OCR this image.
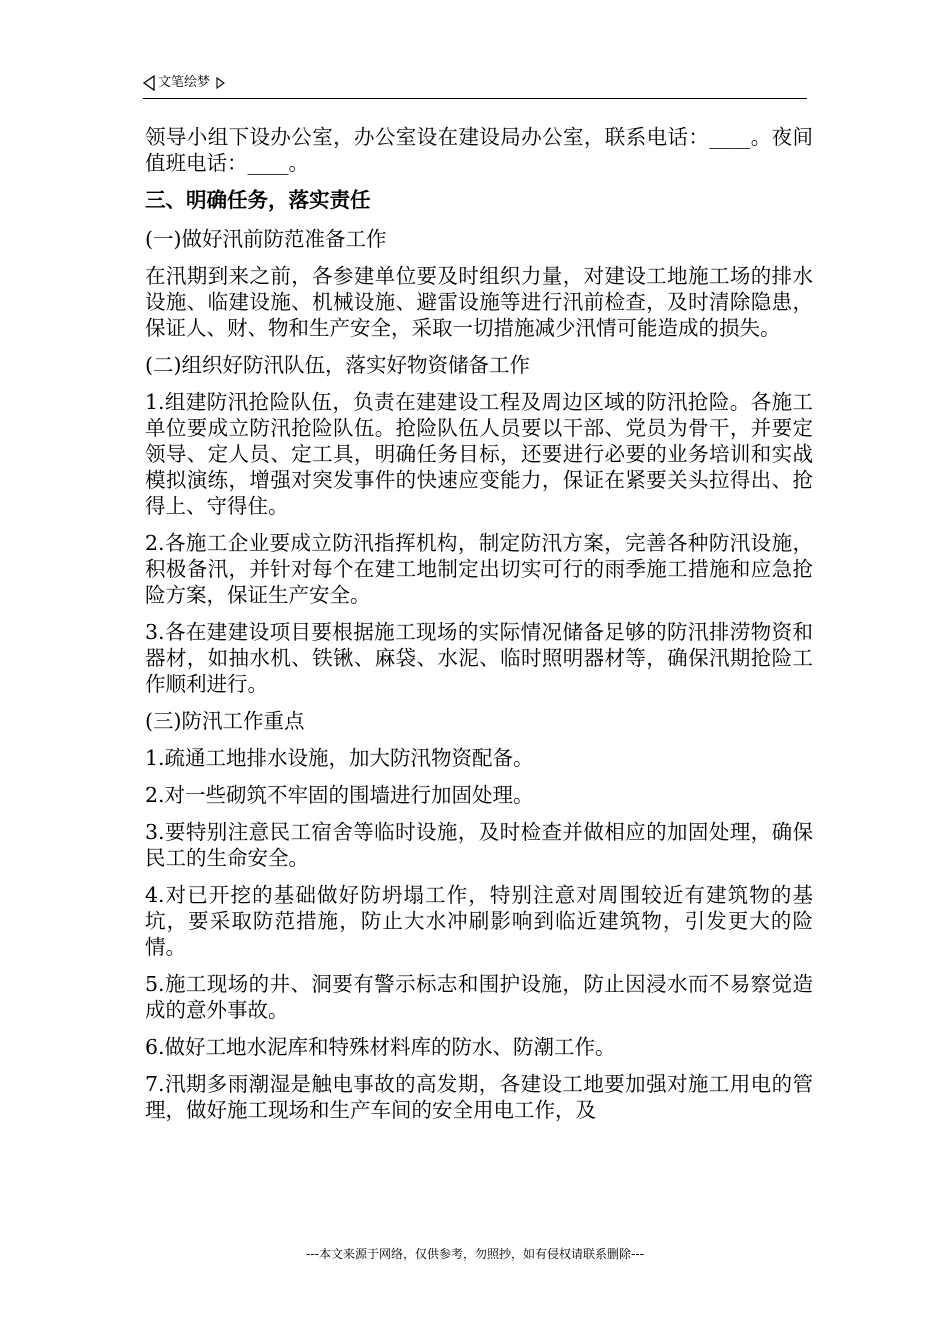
文笔绘梦

领导小组下设办公室，办公室设在建设局办公室，联系电话：____。夜间值班电话：____。

三、明确任务，落实责任

(一)做好汛前防范准备工作

在汛期到来之前，各参建单位要及时组织力量，对建设工地施工场的排水设施、临建设施、机械设施、避雷设施等进行汛前检查，及时清除隐患，保证人、财、物和生产安全，采取一切措施减少汛情可能造成的损失。

(二)组织好防汛队伍，落实好物资储备工作

1.组建防汛抢险队伍，负责在建建设工程及周边区域的防汛抢险。各施工单位要成立防汛抢险队伍。抢险队伍人员要以干部、党员为骨干，并要定领导、定人员、定工具，明确任务目标，还要进行必要的业务培训和实战模拟演练，增强对突发事件的快速应变能力，保证在紧要关头拉得出、抢得上、守得住。

2.各施工企业要成立防汛指挥机构，制定防汛方案，完善各种防汛设施，积极备汛，并针对每个在建工地制定出切实可行的雨季施工措施和应急抢险方案，保证生产安全。

3.各在建建设项目要根据施工现场的实际情况储备足够的防汛排涝物资和器材，如抽水机、铁锹、麻袋、水泥、临时照明器材等，确保汛期抢险工作顺利进行。

(三)防汛工作重点

1.疏通工地排水设施，加大防汛物资配备。

2.对一些砌筑不牢固的围墙进行加固处理。

3.要特别注意民工宿舍等临时设施，及时检查并做相应的加固处理，确保民工的生命安全。

4.对已开挖的基础做好防坍塌工作，特别注意对周围较近有建筑物的基坑，要采取防范措施，防止大水冲刷影响到临近建筑物，引发更大的险情。

5.施工现场的井、洞要有警示标志和围护设施，防止因浸水而不易察觉造成的意外事故。

6.做好工地水泥库和特殊材料库的防水、防潮工作。

7.汛期多雨潮湿是触电事故的高发期，各建设工地要加强对施工用电的管理，做好施工现场和生产车间的安全用电工作，及

---本文来源于网络，仅供参考，勿照抄，如有侵权请联系删除---
